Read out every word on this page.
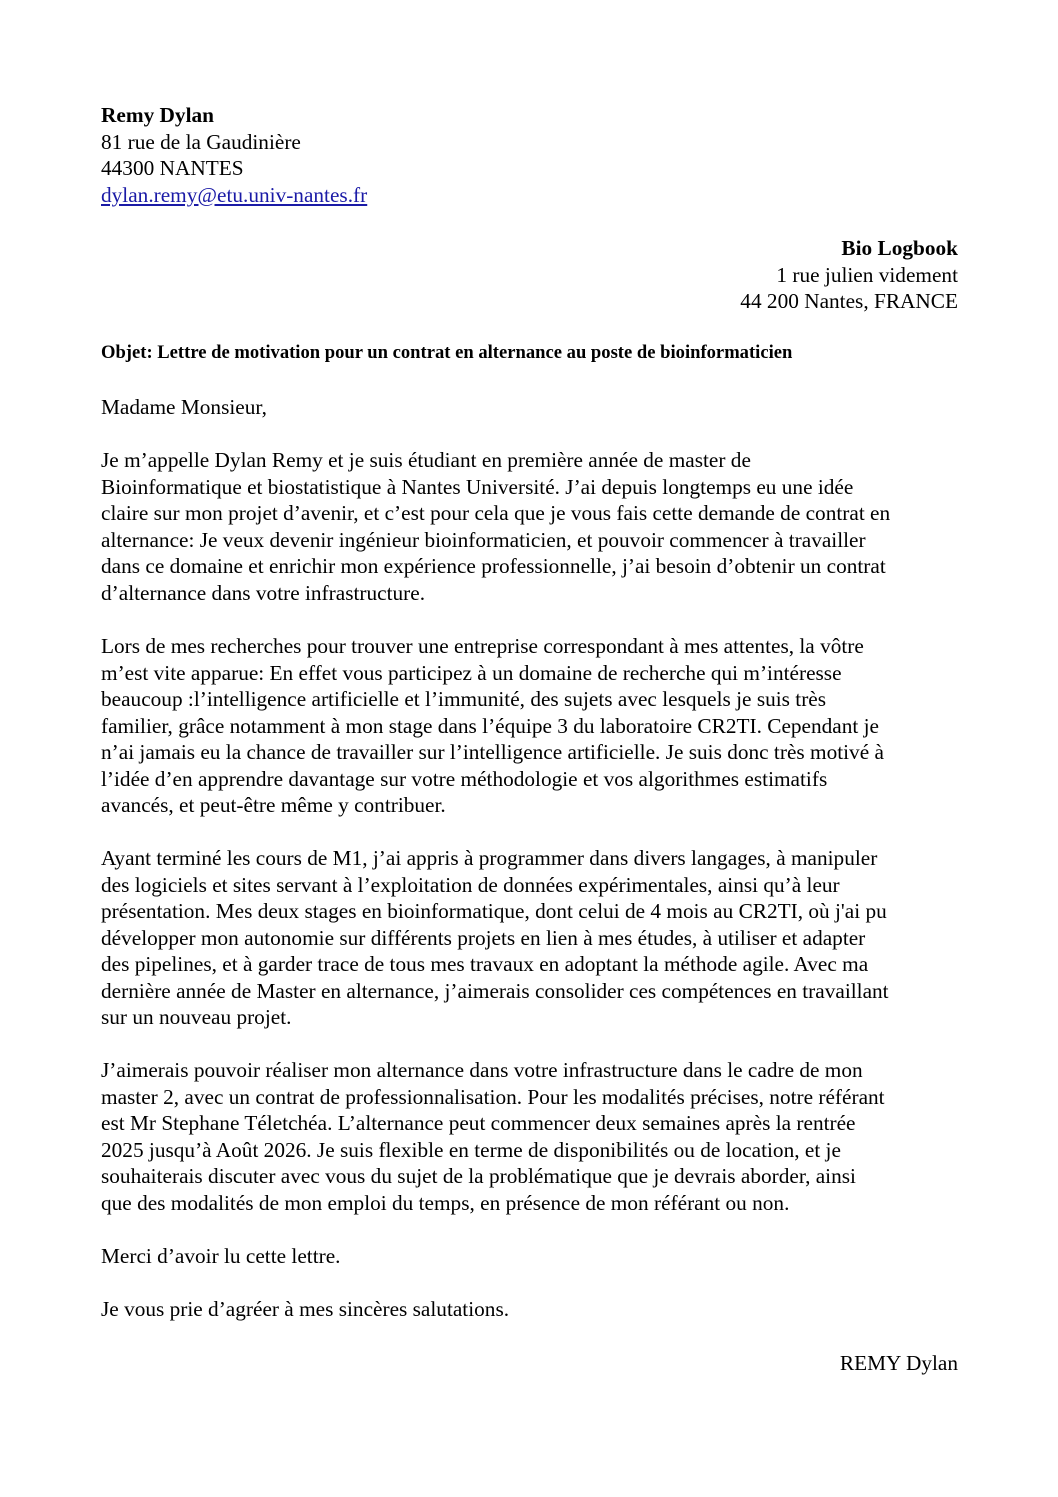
Remy Dylan
81 rue de la Gaudinière
44300 NANTES
dylan.remy@etu.univ-nantes.fr
Bio Logbook
1 rue julien videment
44 200 Nantes, FRANCE
Objet: Lettre de motivation pour un contrat en alternance au poste de bioinformaticien
Madame Monsieur,
Je m’appelle Dylan Remy et je suis étudiant en première année de master de
Bioinformatique et biostatistique à Nantes Université. J’ai depuis longtemps eu une idée
claire sur mon projet d’avenir, et c’est pour cela que je vous fais cette demande de contrat en
alternance: Je veux devenir ingénieur bioinformaticien, et pouvoir commencer à travailler
dans ce domaine et enrichir mon expérience professionnelle, j’ai besoin d’obtenir un contrat
d’alternance dans votre infrastructure.
Lors de mes recherches pour trouver une entreprise correspondant à mes attentes, la vôtre
m’est vite apparue: En effet vous participez à un domaine de recherche qui m’intéresse
beaucoup :l’intelligence artificielle et l’immunité, des sujets avec lesquels je suis très
familier, grâce notamment à mon stage dans l’équipe 3 du laboratoire CR2TI. Cependant je
n’ai jamais eu la chance de travailler sur l’intelligence artificielle. Je suis donc très motivé à
l’idée d’en apprendre davantage sur votre méthodologie et vos algorithmes estimatifs
avancés, et peut-être même y contribuer.
Ayant terminé les cours de M1, j’ai appris à programmer dans divers langages, à manipuler
des logiciels et sites servant à l’exploitation de données expérimentales, ainsi qu’à leur
présentation. Mes deux stages en bioinformatique, dont celui de 4 mois au CR2TI, où j'ai pu
développer mon autonomie sur différents projets en lien à mes études, à utiliser et adapter
des pipelines, et à garder trace de tous mes travaux en adoptant la méthode agile. Avec ma
dernière année de Master en alternance, j’aimerais consolider ces compétences en travaillant
sur un nouveau projet.
J’aimerais pouvoir réaliser mon alternance dans votre infrastructure dans le cadre de mon
master 2, avec un contrat de professionnalisation. Pour les modalités précises, notre référant
est Mr Stephane Téletchéa. L’alternance peut commencer deux semaines après la rentrée
2025 jusqu’à Août 2026. Je suis flexible en terme de disponibilités ou de location, et je
souhaiterais discuter avec vous du sujet de la problématique que je devrais aborder, ainsi
que des modalités de mon emploi du temps, en présence de mon référant ou non.
Merci d’avoir lu cette lettre.
Je vous prie d’agréer à mes sincères salutations.
REMY Dylan
